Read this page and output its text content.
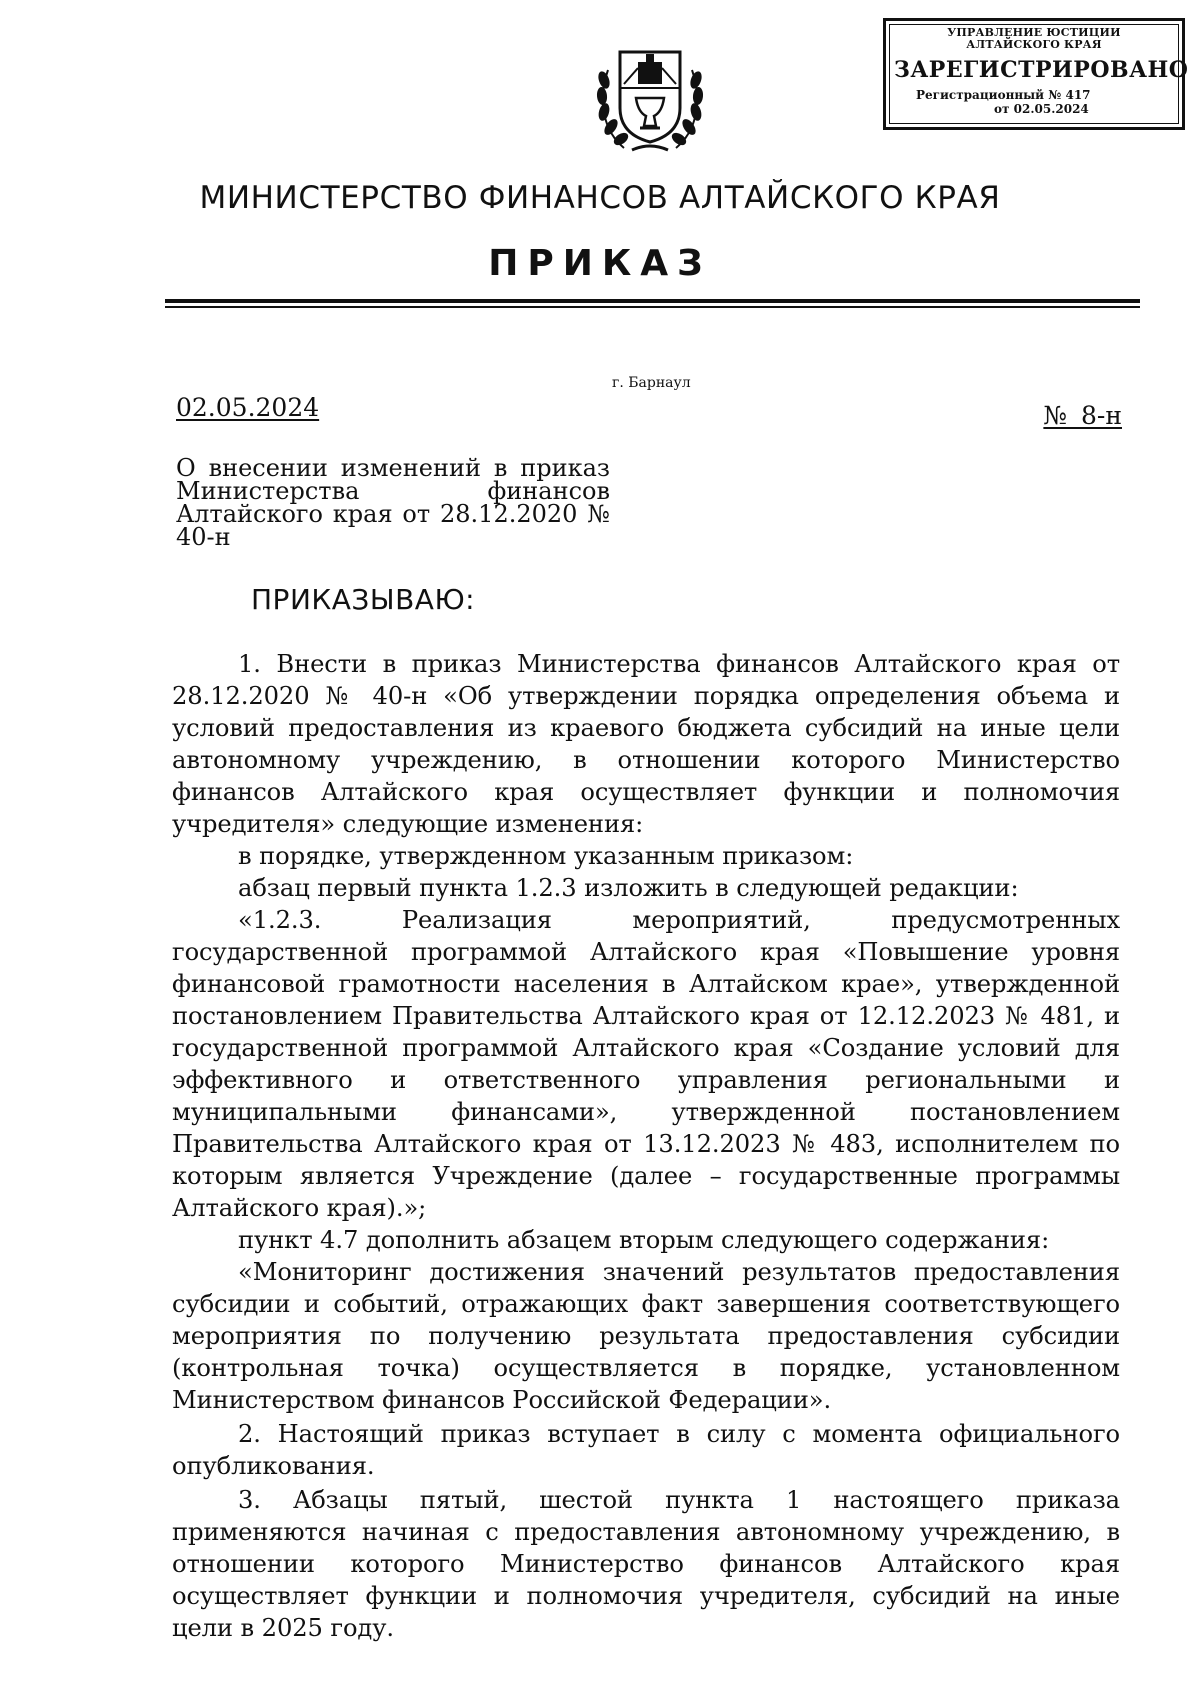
УПРАВЛЕНИЕ ЮСТИЦИИ
АЛТАЙСКОГО КРАЯ
ЗАРЕГИСТРИРОВАНО
Регистрационный № 417
от 02.05.2024
МИНИСТЕРСТВО ФИНАНСОВ АЛТАЙСКОГО КРАЯ
ПРИКАЗ
г. Барнаул
02.05.2024	№ 8-н
О внесении изменений в приказ Министерства финансов Алтайского края от 28.12.2020 № 40-н
ПРИКАЗЫВАЮ:

1. Внести в приказ Министерства финансов Алтайского края от 28.12.2020 № 40-н «Об утверждении порядка определения объема и условий предоставления из краевого бюджета субсидий на иные цели автономному учреждению, в отношении которого Министерство финансов Алтайского края осуществляет функции и полномочия учредителя» следующие изменения:

в порядке, утвержденном указанным приказом:

абзац первый пункта 1.2.3 изложить в следующей редакции:

«1.2.3. Реализация мероприятий, предусмотренных государственной программой Алтайского края «Повышение уровня финансовой грамотности населения в Алтайском крае», утвержденной постановлением Правительства Алтайского края от 12.12.2023 № 481, и государственной программой Алтайского края «Создание условий для эффективного и ответственного управления региональными и муниципальными финансами», утвержденной постановлением Правительства Алтайского края от 13.12.2023 № 483, исполнителем по которым является Учреждение (далее – государственные программы Алтайского края).»;

пункт 4.7 дополнить абзацем вторым следующего содержания:

«Мониторинг достижения значений результатов предоставления субсидии и событий, отражающих факт завершения соответствующего мероприятия по получению результата предоставления субсидии (контрольная точка) осуществляется в порядке, установленном Министерством финансов Российской Федерации».

2. Настоящий приказ вступает в силу с момента официального опубликования.

3. Абзацы пятый, шестой пункта 1 настоящего приказа применяются начиная с предоставления автономному учреждению, в отношении которого Министерство финансов Алтайского края осуществляет функции и полномочия учредителя, субсидий на иные цели в 2025 году.
